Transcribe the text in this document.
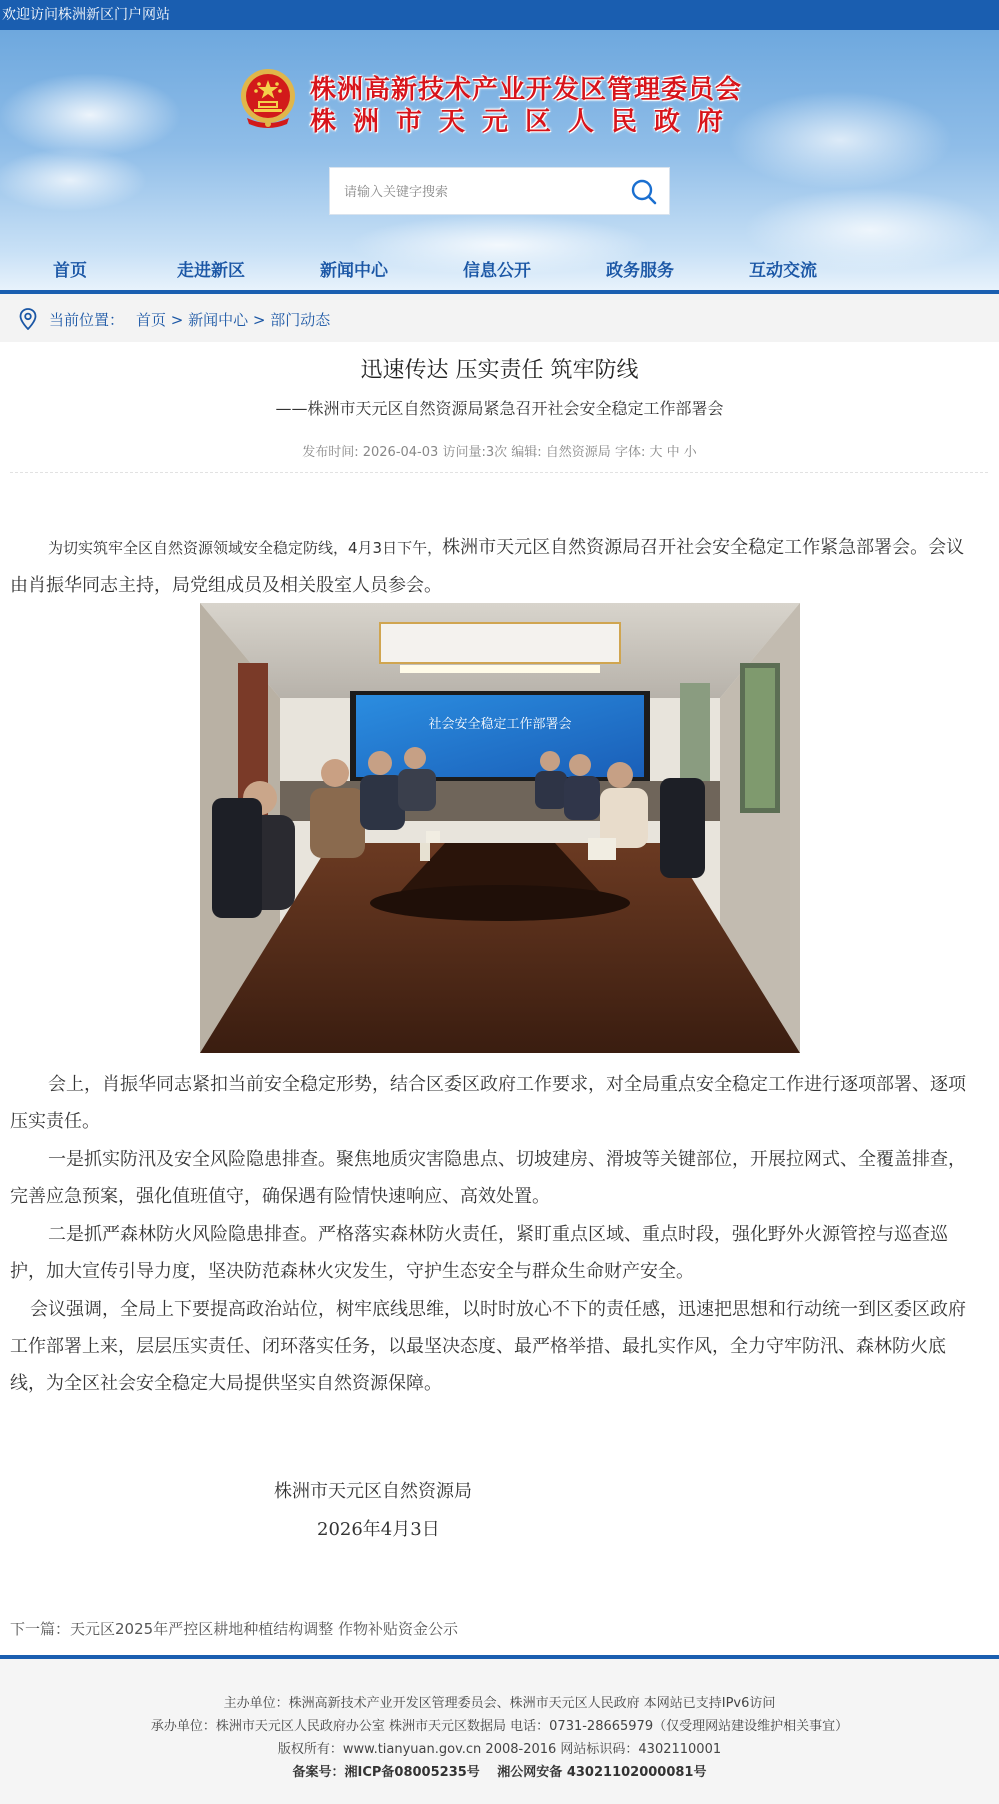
欢迎访问株洲新区门户网站
株洲高新技术产业开发区管理委员会
株洲市天元区人民政府
请输入关键字搜索
首页	走进新区	新闻中心	信息公开	政务服务	互动交流
当前位置： 首页 > 新闻中心 > 部门动态
迅速传达 压实责任 筑牢防线
——株洲市天元区自然资源局紧急召开社会安全稳定工作部署会
发布时间: 2026-04-03 访问量:3次 编辑: 自然资源局 字体: 大 中 小
为切实筑牢全区自然资源领域安全稳定防线，4月3日下午，株洲市天元区自然资源局召开社会安全稳定工作紧急部署会。会议由肖振华同志主持，局党组成员及相关股室人员参会。
社会安全稳定工作部署会
会上，肖振华同志紧扣当前安全稳定形势，结合区委区政府工作要求，对全局重点安全稳定工作进行逐项部署、逐项压实责任。
一是抓实防汛及安全风险隐患排查。聚焦地质灾害隐患点、切坡建房、滑坡等关键部位，开展拉网式、全覆盖排查，完善应急预案，强化值班值守，确保遇有险情快速响应、高效处置。
二是抓严森林防火风险隐患排查。严格落实森林防火责任，紧盯重点区域、重点时段，强化野外火源管控与巡查巡护，加大宣传引导力度，坚决防范森林火灾发生，守护生态安全与群众生命财产安全。
会议强调，全局上下要提高政治站位，树牢底线思维，以时时放心不下的责任感，迅速把思想和行动统一到区委区政府工作部署上来，层层压实责任、闭环落实任务，以最坚决态度、最严格举措、最扎实作风，全力守牢防汛、森林防火底线，为全区社会安全稳定大局提供坚实自然资源保障。
株洲市天元区自然资源局
2026年4月3日
下一篇：天元区2025年严控区耕地种植结构调整 作物补贴资金公示
主办单位：株洲高新技术产业开发区管理委员会、株洲市天元区人民政府 本网站已支持IPv6访问
承办单位：株洲市天元区人民政府办公室 株洲市天元区数据局 电话：0731-28665979（仅受理网站建设维护相关事宜）
版权所有：www.tianyuan.gov.cn 2008-2016 网站标识码：4302110001
备案号：湘ICP备08005235号　 湘公网安备 43021102000081号
